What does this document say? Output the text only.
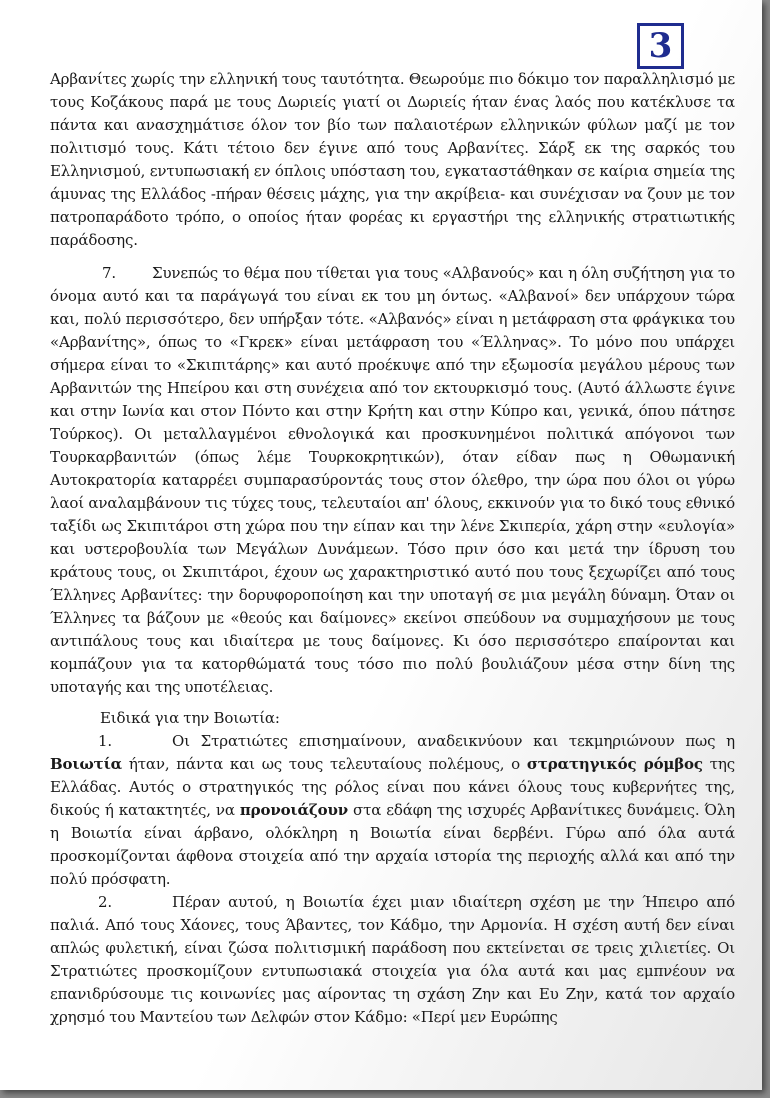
3

Αρβανίτες χωρίς την ελληνική τους ταυτότητα. Θεωρούμε πιο δόκιμο τον παραλληλισμό με τους Κοζάκους παρά με τους Δωριείς γιατί οι Δωριείς ήταν ένας λαός που κατέκλυσε τα πάντα και ανασχημάτισε όλον τον βίο των παλαιοτέρων ελληνικών φύλων μαζί με τον πολιτισμό τους. Κάτι τέτοιο δεν έγινε από τους Αρβανίτες. Σάρξ εκ της σαρκός του Ελληνισμού, εντυπωσιακή εν όπλοις υπόσταση του, εγκαταστάθηκαν σε καίρια σημεία της άμυνας της Ελλάδος -πήραν θέσεις μάχης, για την ακρίβεια- και συνέχισαν να ζουν με τον πατροπαράδοτο τρόπο, ο οποίος ήταν φορέας κι εργαστήρι της ελληνικής στρατιωτικής παράδοσης.

7. Συνεπώς το θέμα που τίθεται για τους «Αλβανούς» και η όλη συζήτηση για το όνομα αυτό και τα παράγωγά του είναι εκ του μη όντως. «Αλβανοί» δεν υπάρχουν τώρα και, πολύ περισσότερο, δεν υπήρξαν τότε. «Αλβανός» είναι η μετάφραση στα φράγκικα του «Αρβανίτης», όπως το «Γκρεκ» είναι μετάφραση του «Έλληνας». Το μόνο που υπάρχει σήμερα είναι το «Σκιπιτάρης» και αυτό προέκυψε από την εξωμοσία μεγάλου μέρους των Αρβανιτών της Ηπείρου και στη συνέχεια από τον εκτουρκισμό τους. (Αυτό άλλωστε έγινε και στην Ιωνία και στον Πόντο και στην Κρήτη και στην Κύπρο και, γενικά, όπου πάτησε Τούρκος). Οι μεταλλαγμένοι εθνολογικά και προσκυνημένοι πολιτικά απόγονοι των Τουρκαρβανιτών (όπως λέμε Τουρκοκρητικών), όταν είδαν πως η Οθωμανική Αυτοκρατορία καταρρέει συμπαρασύροντάς τους στον όλεθρο, την ώρα που όλοι οι γύρω λαοί αναλαμβάνουν τις τύχες τους, τελευταίοι απ' όλους, εκκινούν για το δικό τους εθνικό ταξίδι ως Σκιπιτάροι στη χώρα που την είπαν και την λένε Σκιπερία, χάρη στην «ευλογία» και υστεροβουλία των Μεγάλων Δυνάμεων. Τόσο πριν όσο και μετά την ίδρυση του κράτους τους, οι Σκιπιτάροι, έχουν ως χαρακτηριστικό αυτό που τους ξεχωρίζει από τους Έλληνες Αρβανίτες: την δορυφοροποίηση και την υποταγή σε μια μεγάλη δύναμη. Όταν οι Έλληνες τα βάζουν με «θεούς και δαίμονες» εκείνοι σπεύδουν να συμμαχήσουν με τους αντιπάλους τους και ιδιαίτερα με τους δαίμονες. Κι όσο περισσότερο επαίρονται και κομπάζουν για τα κατορθώματά τους τόσο πιο πολύ βουλιάζουν μέσα στην δίνη της υποταγής και της υποτέλειας.

Ειδικά για την Βοιωτία:

1.	Οι Στρατιώτες επισημαίνουν, αναδεικνύουν και τεκμηριώνουν πως η Βοιωτία ήταν, πάντα και ως τους τελευταίους πολέμους, ο στρατηγικός ρόμβος της Ελλάδας. Αυτός ο στρατηγικός της ρόλος είναι που κάνει όλους τους κυβερνήτες της, δικούς ή κατακτητές, να προνοιάζουν στα εδάφη της ισχυρές Αρβανίτικες δυνάμεις. Όλη η Βοιωτία είναι άρβανο, ολόκληρη η Βοιωτία είναι δερβένι. Γύρω από όλα αυτά προσκομίζονται άφθονα στοιχεία από την αρχαία ιστορία της περιοχής αλλά και από την πολύ πρόσφατη.

2.	Πέραν αυτού, η Βοιωτία έχει μιαν ιδιαίτερη σχέση με την Ήπειρο από παλιά. Από τους Χάονες, τους Άβαντες, τον Κάδμο, την Αρμονία. Η σχέση αυτή δεν είναι απλώς φυλετική, είναι ζώσα πολιτισμική παράδοση που εκτείνεται σε τρεις χιλιετίες. Οι Στρατιώτες προσκομίζουν εντυπωσιακά στοιχεία για όλα αυτά και μας εμπνέουν να επανιδρύσουμε τις κοινωνίες μας αίροντας τη σχάση Ζην και Ευ Ζην, κατά τον αρχαίο χρησμό του Μαντείου των Δελφών στον Κάδμο: «Περί μεν Ευρώπης
